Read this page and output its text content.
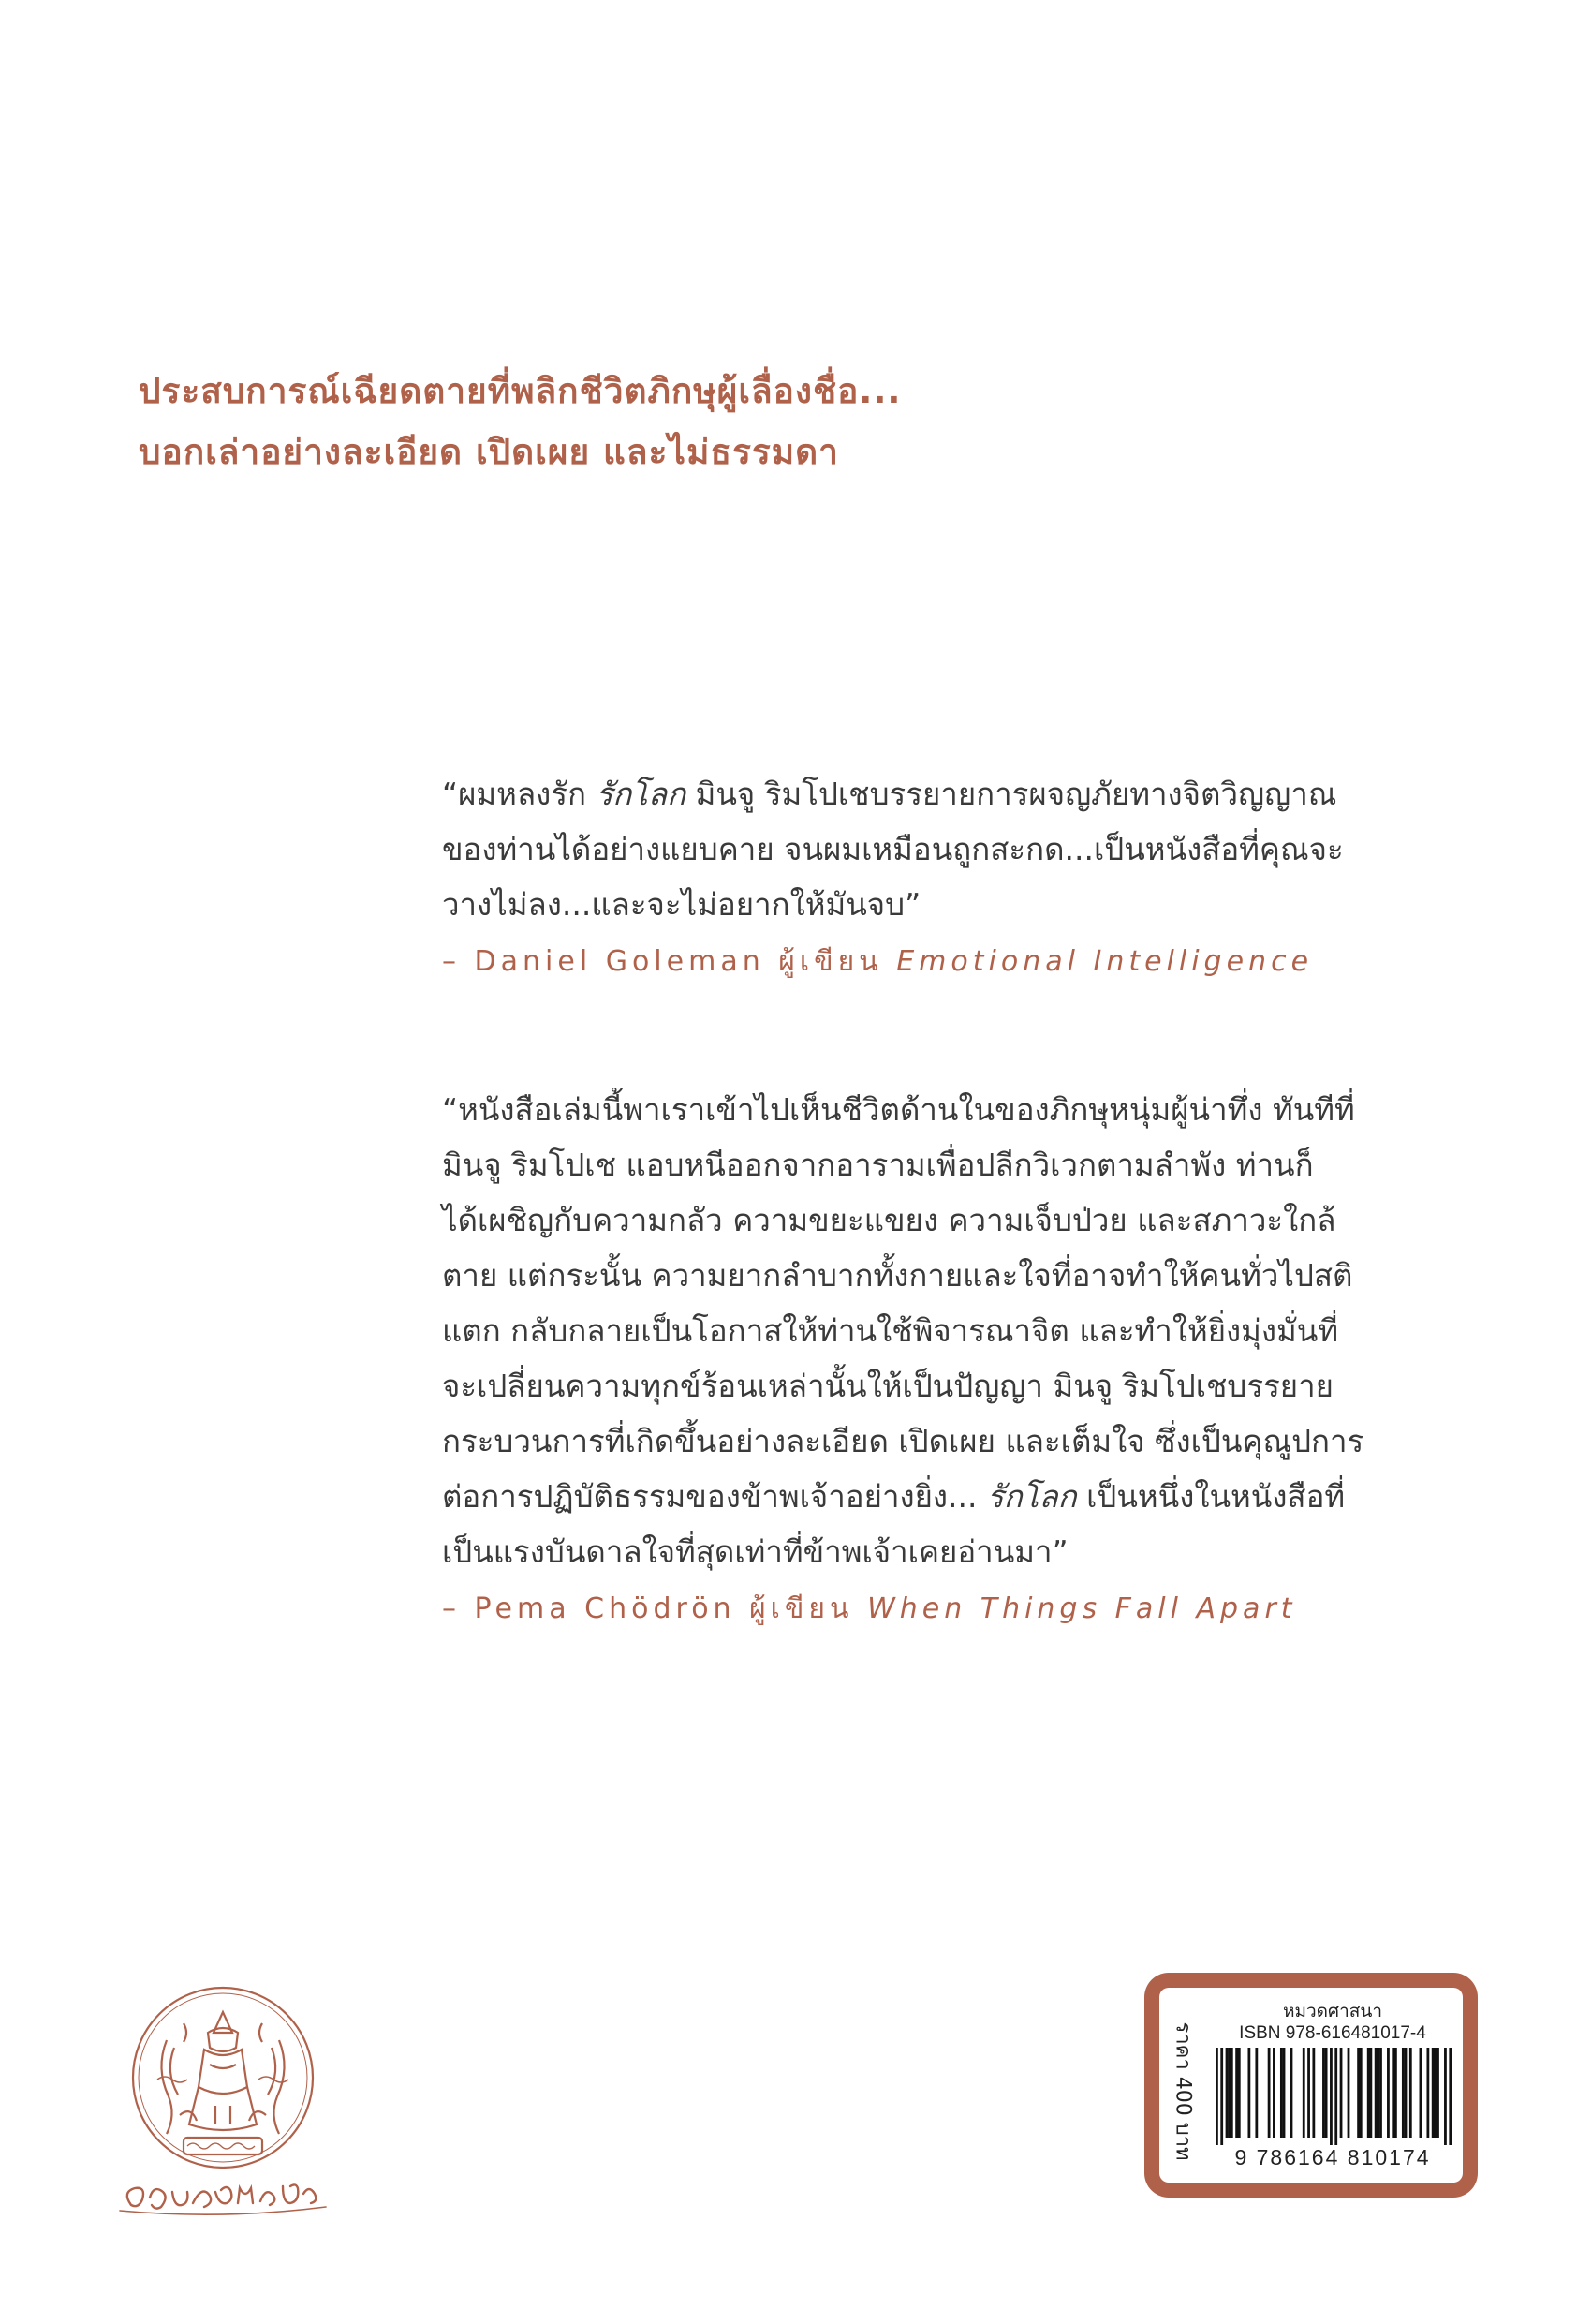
ประสบการณ์เฉียดตายที่พลิกชีวิตภิกษุผู้เลื่องชื่อ...
บอกเล่าอย่างละเอียด เปิดเผย และไม่ธรรมดา
“ผมหลงรัก รักโลก มินจู ริมโปเชบรรยายการผจญภัยทางจิตวิญญาณ
ของท่านได้อย่างแยบคาย จนผมเหมือนถูกสะกด...เป็นหนังสือที่คุณจะ
วางไม่ลง...และจะไม่อยากให้มันจบ”
– Daniel Goleman ผู้เขียน Emotional Intelligence
“หนังสือเล่มนี้พาเราเข้าไปเห็นชีวิตด้านในของภิกษุหนุ่มผู้น่าทึ่ง ทันทีที่
มินจู ริมโปเช แอบหนีออกจากอารามเพื่อปลีกวิเวกตามลำพัง ท่านก็
ได้เผชิญกับความกลัว ความขยะแขยง ความเจ็บป่วย และสภาวะใกล้
ตาย แต่กระนั้น ความยากลำบากทั้งกายและใจที่อาจทำให้คนทั่วไปสติ
แตก กลับกลายเป็นโอกาสให้ท่านใช้พิจารณาจิต และทำให้ยิ่งมุ่งมั่นที่
จะเปลี่ยนความทุกข์ร้อนเหล่านั้นให้เป็นปัญญา มินจู ริมโปเชบรรยาย
กระบวนการที่เกิดขึ้นอย่างละเอียด เปิดเผย และเต็มใจ ซึ่งเป็นคุณูปการ
ต่อการปฏิบัติธรรมของข้าพเจ้าอย่างยิ่ง... รักโลก เป็นหนึ่งในหนังสือที่
เป็นแรงบันดาลใจที่สุดเท่าที่ข้าพเจ้าเคยอ่านมา”
– Pema Chödrön ผู้เขียน When Things Fall Apart
ราคา 400 บาท
หมวดศาสนา
ISBN 978-616481017-4
9 786164 810174
